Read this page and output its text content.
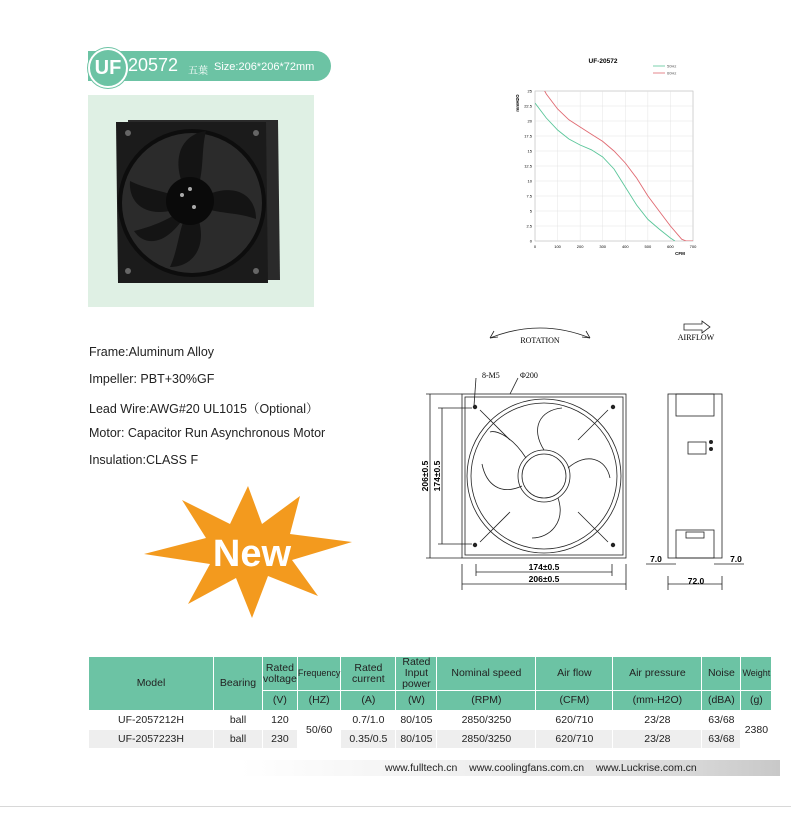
UF 20572 五葉 Size:206*206*72mm	UF-20572
50Hz
60Hz
0	100	200	300	400	500	600	700
0
2.5
5
7.5
10
12.5
15
17.5
20
22.5
25
mmH2O
CFM
Frame:Aluminum Alloy
Impeller: PBT+30%GF
Lead Wire:AWG#20 UL1015（Optional）
Motor: Capacitor Run Asynchronous Motor
Insulation:CLASS F
New
ROTATION	AIRFLOW
8-M5	Φ200
206±0.5 174±0.5
174±0.5
206±0.5
7.0
72.0
7.0
Model	Bearing	Rated voltage	Frequency	Rated current	Rated Input power	Nominal speed	Air flow	Air pressure	Noise	Weight
		(V)	(HZ)	(A)	(W)	(RPM)	(CFM)	(mm-H2O)	(dBA)	(g)
UF-2057212H	ball	120	50/60	0.7/1.0	80/105	2850/3250	620/710	23/28	63/68	2380
UF-2057223H	ball	230		0.35/0.5	80/105	2850/3250	620/710	23/28	63/68	
www.fulltech.cn   www.coolingfans.com.cn   www.Luckrise.com.cn
